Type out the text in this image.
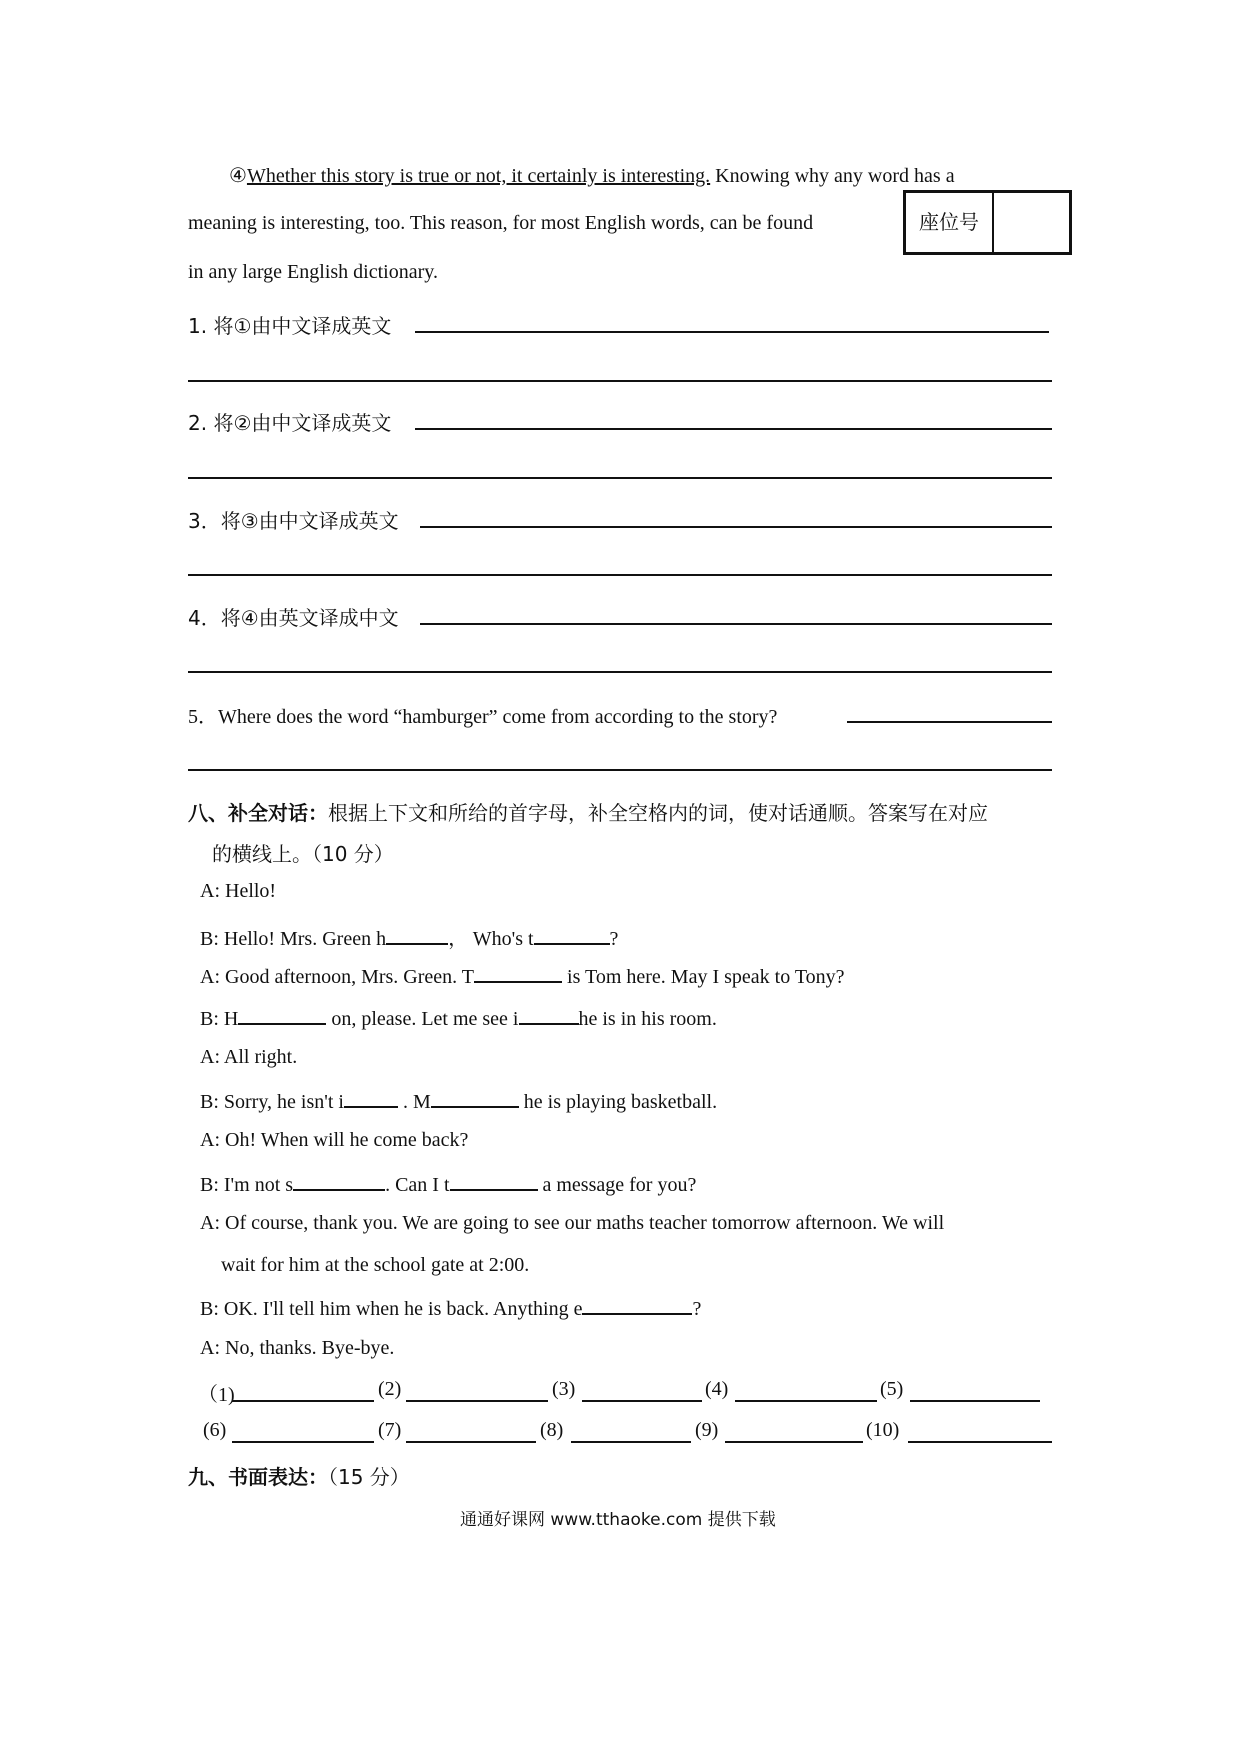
④Whether this story is true or not, it certainly is interesting. Knowing why any word has a
meaning is interesting, too. This reason, for most English words, can be found
in any large English dictionary.
座位号
1. 将①由中文译成英文
2. 将②由中文译成英文
3．将③由中文译成英文
4．将④由英文译成中文
5．Where does the word “hamburger” come from according to the story?
八、补全对话：根据上下文和所给的首字母，补全空格内的词，使对话通顺。答案写在对应
的横线上。（10 分）
A: Hello!
B: Hello! Mrs. Green h	， Who's t	?
A: Good afternoon, Mrs. Green. T	is Tom here. May I speak to Tony?
B: H	on, please. Let me see i	he is in his room.
A: All right.
B: Sorry, he isn't i	. M	he is playing basketball.
A: Oh! When will he come back?
B: I'm not s	. Can I t	a message for you?
A: Of course, thank you. We are going to see our maths teacher tomorrow afternoon. We will
wait for him at the school gate at 2:00.
B: OK. I'll tell him when he is back. Anything e	?
A: No, thanks. Bye-bye.
（1)	(2)	(3)	(4)	(5)
(6)	(7)	(8)	(9)	(10)
九、书面表达：（15 分）
通通好课网 www.tthaoke.com 提供下载
